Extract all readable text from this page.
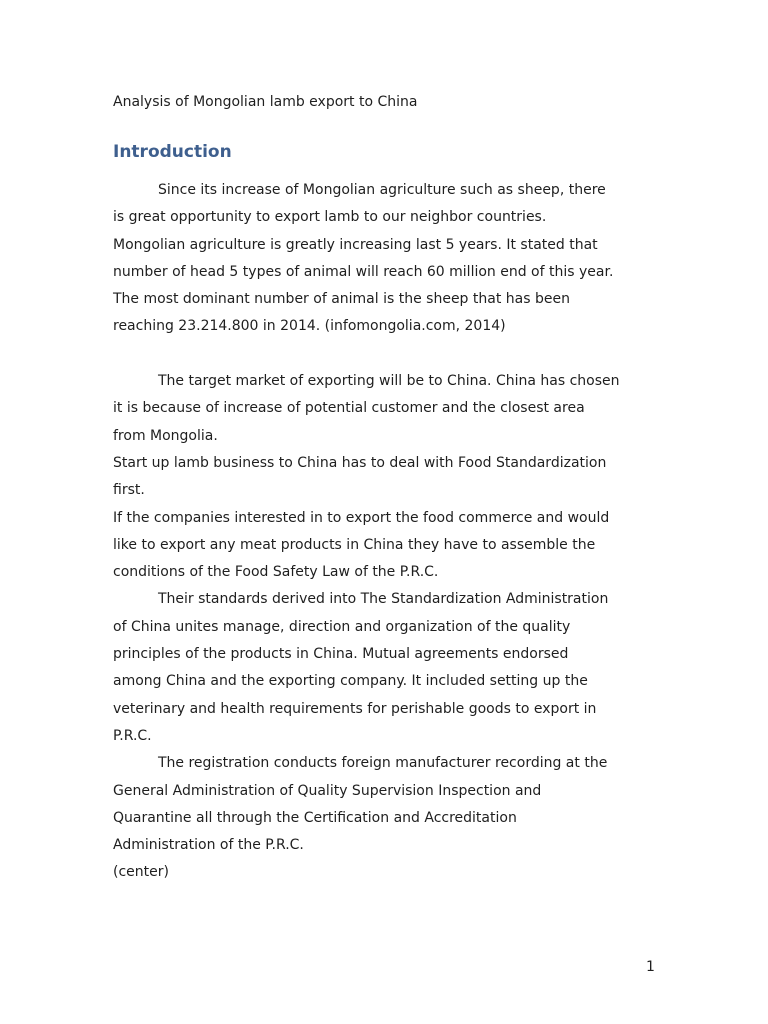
Analysis of Mongolian lamb export to China
Introduction
Since its increase of Mongolian agriculture such as sheep, there
is great opportunity to export lamb to our neighbor countries.
Mongolian agriculture is greatly increasing last 5 years. It stated that
number of head 5 types of animal will reach 60 million end of this year.
The most dominant number of animal is the sheep that has been
reaching 23.214.800 in 2014. (infomongolia.com, 2014)
The target market of exporting will be to China. China has chosen
it is because of increase of potential customer and the closest area
from Mongolia.
Start up lamb business to China has to deal with Food Standardization
first.
If the companies interested in to export the food commerce and would
like to export any meat products in China they have to assemble the
conditions of the Food Safety Law of the P.R.C.
Their standards derived into The Standardization Administration
of China unites manage, direction and organization of the quality
principles of the products in China. Mutual agreements endorsed
among China and the exporting company. It included setting up the
veterinary and health requirements for perishable goods to export in
P.R.C.
The registration conducts foreign manufacturer recording at the
General Administration of Quality Supervision Inspection and
Quarantine all through the Certification and Accreditation
Administration of the P.R.C.
(center)
1
